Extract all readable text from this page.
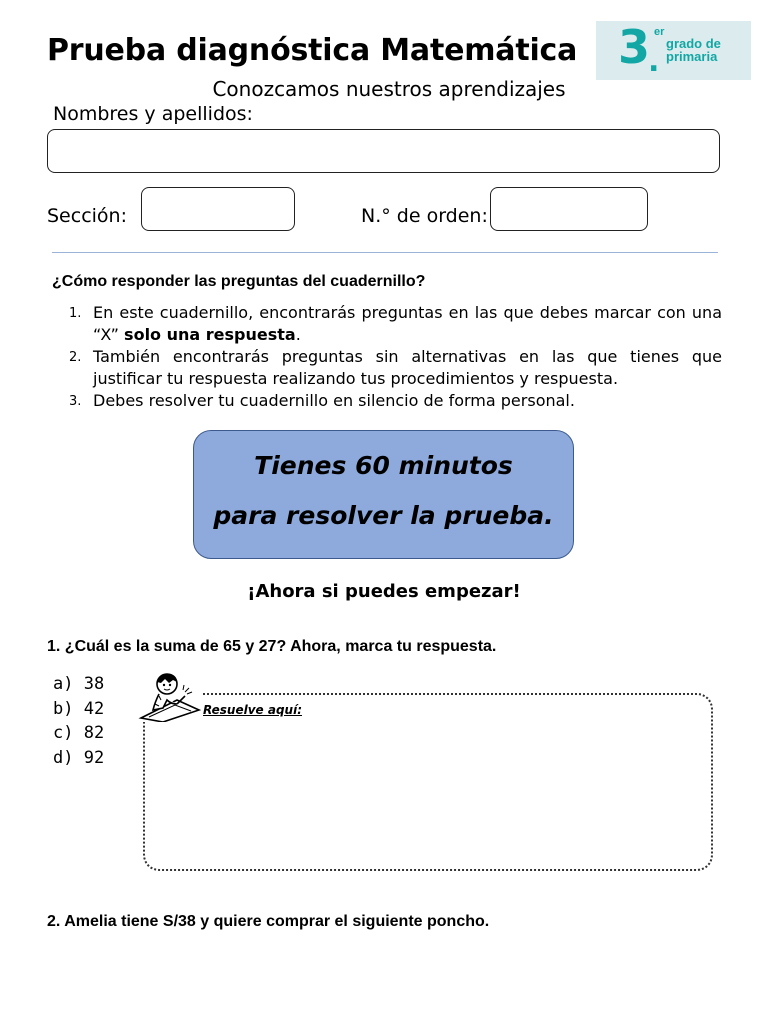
Prueba diagnóstica Matemática 3
.
er
grado de
primaria
Conozcamos nuestros aprendizajes
Nombres y apellidos:
Sección:	N.° de orden:
¿Cómo responder las preguntas del cuadernillo?
1. En este cuadernillo, encontrarás preguntas en las que debes marcar con una “X” solo una respuesta.
2. También encontrarás preguntas sin alternativas en las que tienes que justificar tu respuesta realizando tus procedimientos y respuesta.
3. Debes resolver tu cuadernillo en silencio de forma personal.
Tienes 60 minutos
para resolver la prueba.
¡Ahora si puedes empezar!
1. ¿Cuál es la suma de 65 y 27? Ahora, marca tu respuesta.
a) 38
b) 42
c) 82
d) 92
Resuelve aquí:
2. Amelia tiene S/38 y quiere comprar el siguiente poncho.
